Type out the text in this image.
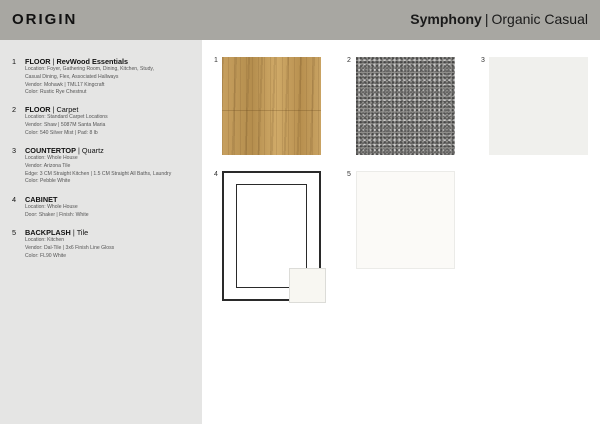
ORIGIN	Symphony | Organic Casual
1	FLOOR | RevWood Essentials
Location: Foyer, Gathering Room, Dining, Kitchen, Study,
Casual Dining, Flex, Associated Hallways
Vendor: Mohawk | TML17 Kingcraft
Color: Rustic Rye Chestnut
2	FLOOR | Carpet
Location: Standard Carpet Locations
Vendor: Shaw | 5087M Santa Maria
Color: 540 Silver Mist | Pad: 8 lb
3	COUNTERTOP | Quartz
Location: Whole House
Vendor: Arizona Tile
Edge: 3 CM Straight Kitchen | 1.5 CM Straight All Baths, Laundry
Color: Pebble White
4	CABINET
Location: Whole House
Door: Shaker | Finish: White
5	BACKPLASH | Tile
Location: Kitchen
Vendor: Dal-Tile | 3x6 Finish Line Gloss
Color: FL90 White
1	2	3
4	5
